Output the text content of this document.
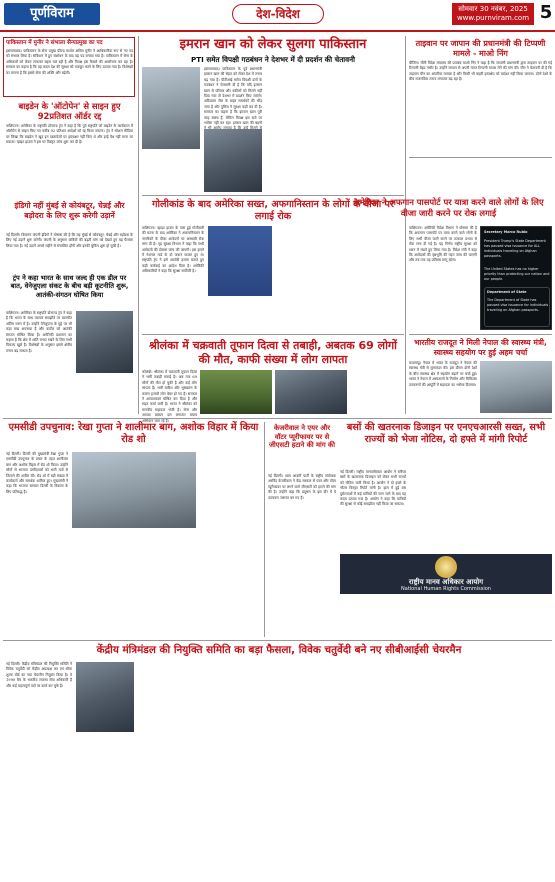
पूर्णविराम	देश-विदेश	सोमवार 30 नवंबर, 2025
www.purnviram.com 5
पाकिस्तान में मुनीर ने संभाला सैन्यप्रमुख का पद
इस्लामाबाद। पाकिस्तान के सेना प्रमुख फील्ड मार्शल असिम मुनीर ने आधिकारिक रूप से नए पद को संभाल लिया है। संविधान में हुए संशोधन के बाद यह पद बनाया गया है। पाकिस्तान में सेना के अधिकारों को लेकर लगातार बहस चल रही है और विपक्ष इस फैसले की आलोचना कर रहा है। सरकार का कहना है कि यह कदम देश की सुरक्षा को मजबूत करने के लिए उठाया गया है। विशेषज्ञों का मानना है कि इससे सेना की शक्ति और बढ़ेगी।
बाइडेन के 'ऑटोपेन' से साइन हुए 92प्रतिशत ऑर्डर रद्द
वाशिंगटन। अमेरिका के राष्ट्रपति डोनाल्ड ट्रंप ने कहा है कि पूर्व राष्ट्रपति जो बाइडेन के कार्यकाल में ऑटोपेन से साइन किए गए करीब 92 प्रतिशत आदेशों को रद्द किया जाएगा। ट्रंप ने सोशल मीडिया पर लिखा कि बाइडेन ने खुद इन दस्तावेजों पर हस्ताक्षर नहीं किए थे और इन्हें वैध नहीं माना जा सकता। व्हाइट हाउस ने इस पर विस्तृत जांच शुरू कर दी है।
इंडिगो नहीं मुंबई से कोयंबटूर, चेन्नई और बड़ोदरा के लिए शुरू करेगी उड़ानें
नई दिल्ली। विमानन कंपनी इंडिगो ने घोषणा की है कि वह मुंबई से कोयंबटूर, चेन्नई और बड़ोदरा के लिए नई उड़ानें शुरू करेगी। कंपनी के अनुसार यात्रियों की बढ़ती मांग को देखते हुए यह फैसला लिया गया है। नई उड़ानें अगले महीने से संचालित होंगी और इनकी बुकिंग शुरू हो चुकी है।
ट्रंप ने कहा भारत के साथ जल्द ही एक डील पर बात, वेनेजुएला संकट के बीच बड़ी कूटनीति शुरू, आतंकी-संगठन घोषित किया
वाशिंगटन। अमेरिका के राष्ट्रपति डोनाल्ड ट्रंप ने कहा है कि भारत के साथ व्यापार समझौते पर बातचीत अंतिम चरण में है। उन्होंने वेनेजुएला के मुद्दे पर भी कड़ा रुख अपनाया है और कार्टेल को आतंकी संगठन घोषित किया है। अमेरिकी प्रशासन का कहना है कि क्षेत्र में शांति बनाए रखने के लिए सभी विकल्प खुले हैं। विशेषज्ञों के अनुसार इससे क्षेत्रीय तनाव बढ़ सकता है।
इमरान खान को लेकर सुलगा पाकिस्तान
PTI समेत विपक्षी गठबंधन ने देशभर में दी प्रदर्शन की चेतावनी
इस्लामाबाद। पाकिस्तान के पूर्व प्रधानमंत्री इमरान खान की सेहत को लेकर देश में तनाव बढ़ गया है। पीटीआई समेत विपक्षी दलों के गठबंधन ने चेतावनी दी है कि यदि इमरान खान से परिवार और वकीलों को मिलने नहीं दिया गया तो देशभर में प्रदर्शन किए जाएंगे। अदियाला जेल के बाहर समर्थकों की भीड़ जमा है और पुलिस ने सुरक्षा कड़ी कर दी है। सरकार का कहना है कि इमरान खान पूरी तरह स्वस्थ हैं, लेकिन विपक्ष इस दावे पर भरोसा नहीं कर रहा। इमरान खान की बहनों
ताइवान पर जापान की प्रधानमंत्री की टिप्पणी मामले - माओ निंग
बीजिंग। चीनी विदेश मंत्रालय की प्रवक्ता माओ निंग ने कहा है कि जापानी प्रधानमंत्री द्वारा ताइवान पर की गई टिप्पणी बेहद गंभीर है। उन्होंने जापान से अपनी गलत टिप्पणी वापस लेने की मांग की। चीन ने चेतावनी दी है कि ताइवान चीन का आंतरिक मामला है और किसी भी बाहरी हस्तक्षेप को बर्दाश्त नहीं किया जाएगा। दोनों देशों के बीच राजनयिक तनाव लगातार बढ़ रहा है।
गोलीकांड के बाद अमेरिका सख्त, अफगानिस्तान के लोगों के वीजा पर लगाई रोक
वाशिंगटन। व्हाइट हाउस के पास हुई गोलीबारी की घटना के बाद अमेरिका ने अफगानिस्तान के नागरिकों के वीजा आवेदनों पर अस्थायी रोक लगा दी है। गृह सुरक्षा विभाग ने कहा कि सभी आवेदनों की दोबारा जांच की जाएगी। इस हमले में नेशनल गार्ड के दो जवान घायल हुए थे। राष्ट्रपति ट्रंप ने इसे आतंकी हमला बताते हुए कड़ी कार्रवाई का आदेश दिया है। अमेरिकी अधिकारियों ने कहा कि सुरक्षा सर्वोपरि है।
अमेरिका ने अफगान पासपोर्ट पर यात्रा करने वाले लोगों के लिए वीजा जारी करने पर रोक लगाई
वाशिंगटन। अमेरिकी विदेश विभाग ने घोषणा की है कि अफगान पासपोर्ट पर यात्रा करने वाले लोगों के लिए सभी वीजा जारी करने पर तत्काल प्रभाव से रोक लगा दी गई है। यह निर्णय राष्ट्रीय सुरक्षा को ध्यान में रखते हुए लिया गया है। विदेश मंत्री ने कहा कि आवेदकों की पृष्ठभूमि की गहन जांच की जाएगी और तब तक यह प्रतिबंध लागू रहेगा।
Secretary Marco Rubio
President Trump's State Department has paused visa issuance for ALL individuals traveling on Afghan passports.
The United States has no higher priority than protecting our nation and our people.
Department of State
The Department of State has paused visa issuance for individuals traveling on Afghan passports.
भारतीय राजदूत ने मिली नेपाल की स्वास्थ्य मंत्री, स्वास्थ्य सहयोग पर हुई अहम चर्चा
काठमांडू। नेपाल में भारत के राजदूत ने नेपाल की स्वास्थ्य मंत्री से मुलाकात की। इस दौरान दोनों देशों के बीच स्वास्थ्य क्षेत्र में सहयोग बढ़ाने पर चर्चा हुई। भारत ने नेपाल में अस्पतालों के निर्माण और चिकित्सा उपकरणों की आपूर्ति में सहायता का भरोसा दिलाया।
श्रीलंका में चक्रवाती तूफान दित्वा से तबाही, अबतक 69 लोगों की मौत, काफी संख्या में लोग लापता
कोलंबो। श्रीलंका में चक्रवाती तूफान दित्वा ने भारी तबाही मचाई है। अब तक 69 लोगों की मौत हो चुकी है और कई लोग लापता हैं। भारी बारिश और भूस्खलन के कारण हजारों लोग बेघर हो गए हैं। सरकार ने आपातकाल घोषित कर दिया है और राहत कार्य जारी है। भारत ने श्रीलंका को मानवीय सहायता भेजी है। सेना और आपदा प्रबंधन दल लगातार बचाव अभियान चला रहे हैं।
एमसीडी उपचुनाव: रेखा गुप्ता ने शालीमार बाग, अशोक विहार में किया रोड शो
नई दिल्ली। दिल्ली की मुख्यमंत्री रेखा गुप्ता ने एमसीडी उपचुनाव के प्रचार के तहत शालीमार बाग और अशोक विहार में रोड शो किया। उन्होंने लोगों से भाजपा उम्मीदवारों को भारी मतों से जिताने की अपील की। रोड शो में बड़ी संख्या में कार्यकर्ता और समर्थक शामिल हुए। मुख्यमंत्री ने कहा कि भाजपा सरकार दिल्ली के विकास के लिए प्रतिबद्ध है।
केजरीवाल ने एयर और वॉटर प्यूरीफायर पर से जीएसटी हटाने की मांग की
नई दिल्ली। आम आदमी पार्टी के राष्ट्रीय संयोजक अरविंद केजरीवाल ने केंद्र सरकार से एयर और वॉटर प्यूरीफायर पर लगने वाले जीएसटी को हटाने की मांग की है। उन्होंने कहा कि प्रदूषण के इस दौर में ये उपकरण जरूरत बन गए हैं।
बसों की खतरनाक डिजाइन पर एनएचआरसी सख्त, सभी राज्यों को भेजा नोटिस, दो हफ्ते में मांगी रिपोर्ट
नई दिल्ली। राष्ट्रीय मानवाधिकार आयोग ने स्लीपर बसों के खतरनाक डिजाइन को लेकर सभी राज्यों को नोटिस जारी किया है। आयोग ने दो हफ्ते के भीतर विस्तृत रिपोर्ट मांगी है। हाल में हुई बस दुर्घटनाओं में कई यात्रियों की जान जाने के बाद यह कदम उठाया गया है। आयोग ने कहा कि यात्रियों की सुरक्षा से कोई समझौता नहीं किया जा सकता।
राष्ट्रीय मानव अधिकार आयोग
National Human Rights Commission
केंद्रीय मंत्रिमंडल की नियुक्ति समिति का बड़ा फैसला, विवेक चतुर्वेदी बने नए सीबीआईसी चेयरमैन
नई दिल्ली। केंद्रीय मंत्रिमंडल की नियुक्ति समिति ने विवेक चतुर्वेदी को केंद्रीय अप्रत्यक्ष कर एवं सीमा शुल्क बोर्ड का नया चेयरमैन नियुक्त किया है। वे 1990 बैच के भारतीय राजस्व सेवा अधिकारी हैं और कई महत्वपूर्ण पदों पर कार्य कर चुके हैं।
